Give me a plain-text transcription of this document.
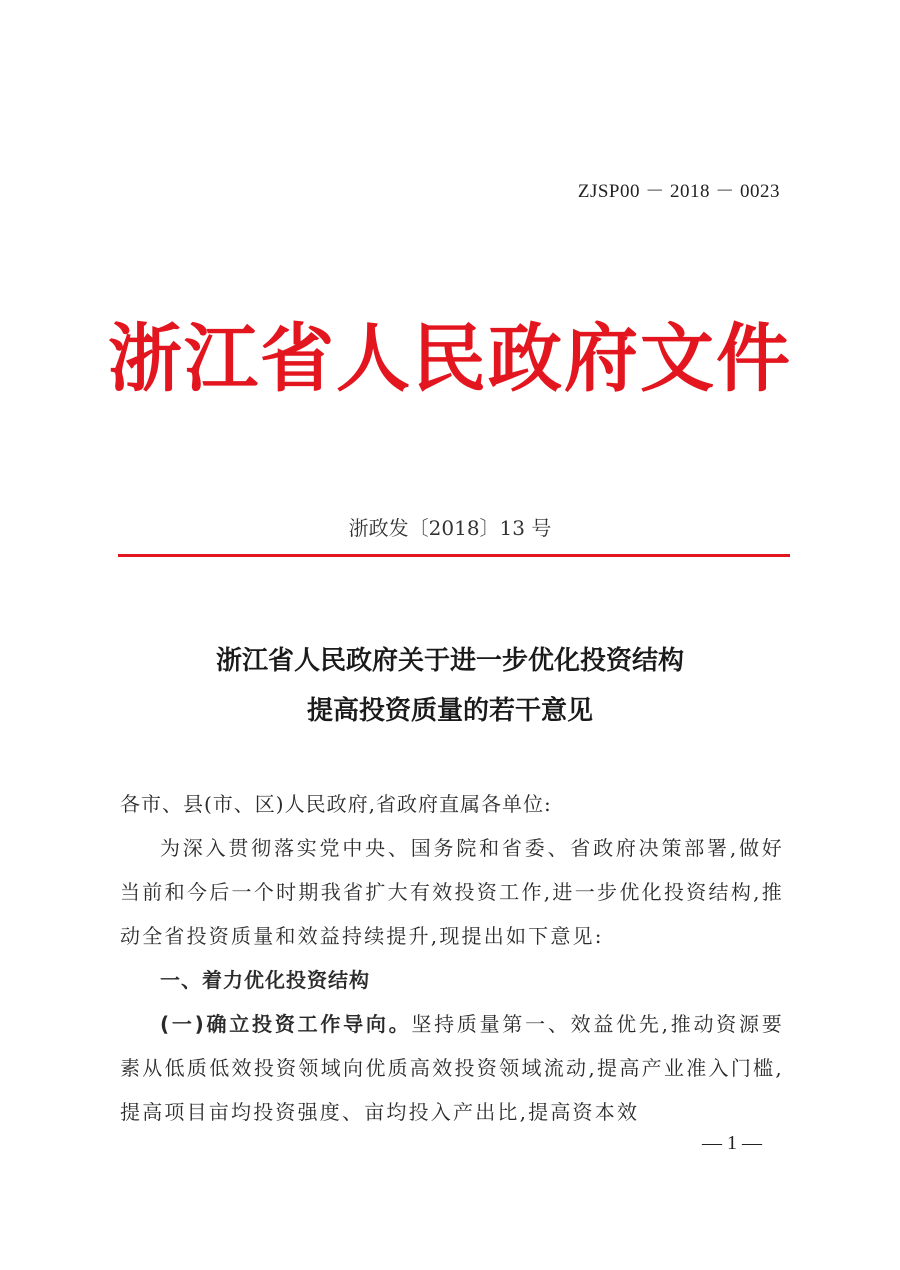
ZJSP00 － 2018 － 0023
浙江省人民政府文件
浙政发〔2018〕13 号
浙江省人民政府关于进一步优化投资结构
提高投资质量的若干意见

各市、县(市、区)人民政府,省政府直属各单位:

为深入贯彻落实党中央、国务院和省委、省政府决策部署,做好当前和今后一个时期我省扩大有效投资工作,进一步优化投资结构,推动全省投资质量和效益持续提升,现提出如下意见:

一、着力优化投资结构

(一)确立投资工作导向。坚持质量第一、效益优先,推动资源要素从低质低效投资领域向优质高效投资领域流动,提高产业准入门槛,提高项目亩均投资强度、亩均投入产出比,提高资本效

— 1 —
